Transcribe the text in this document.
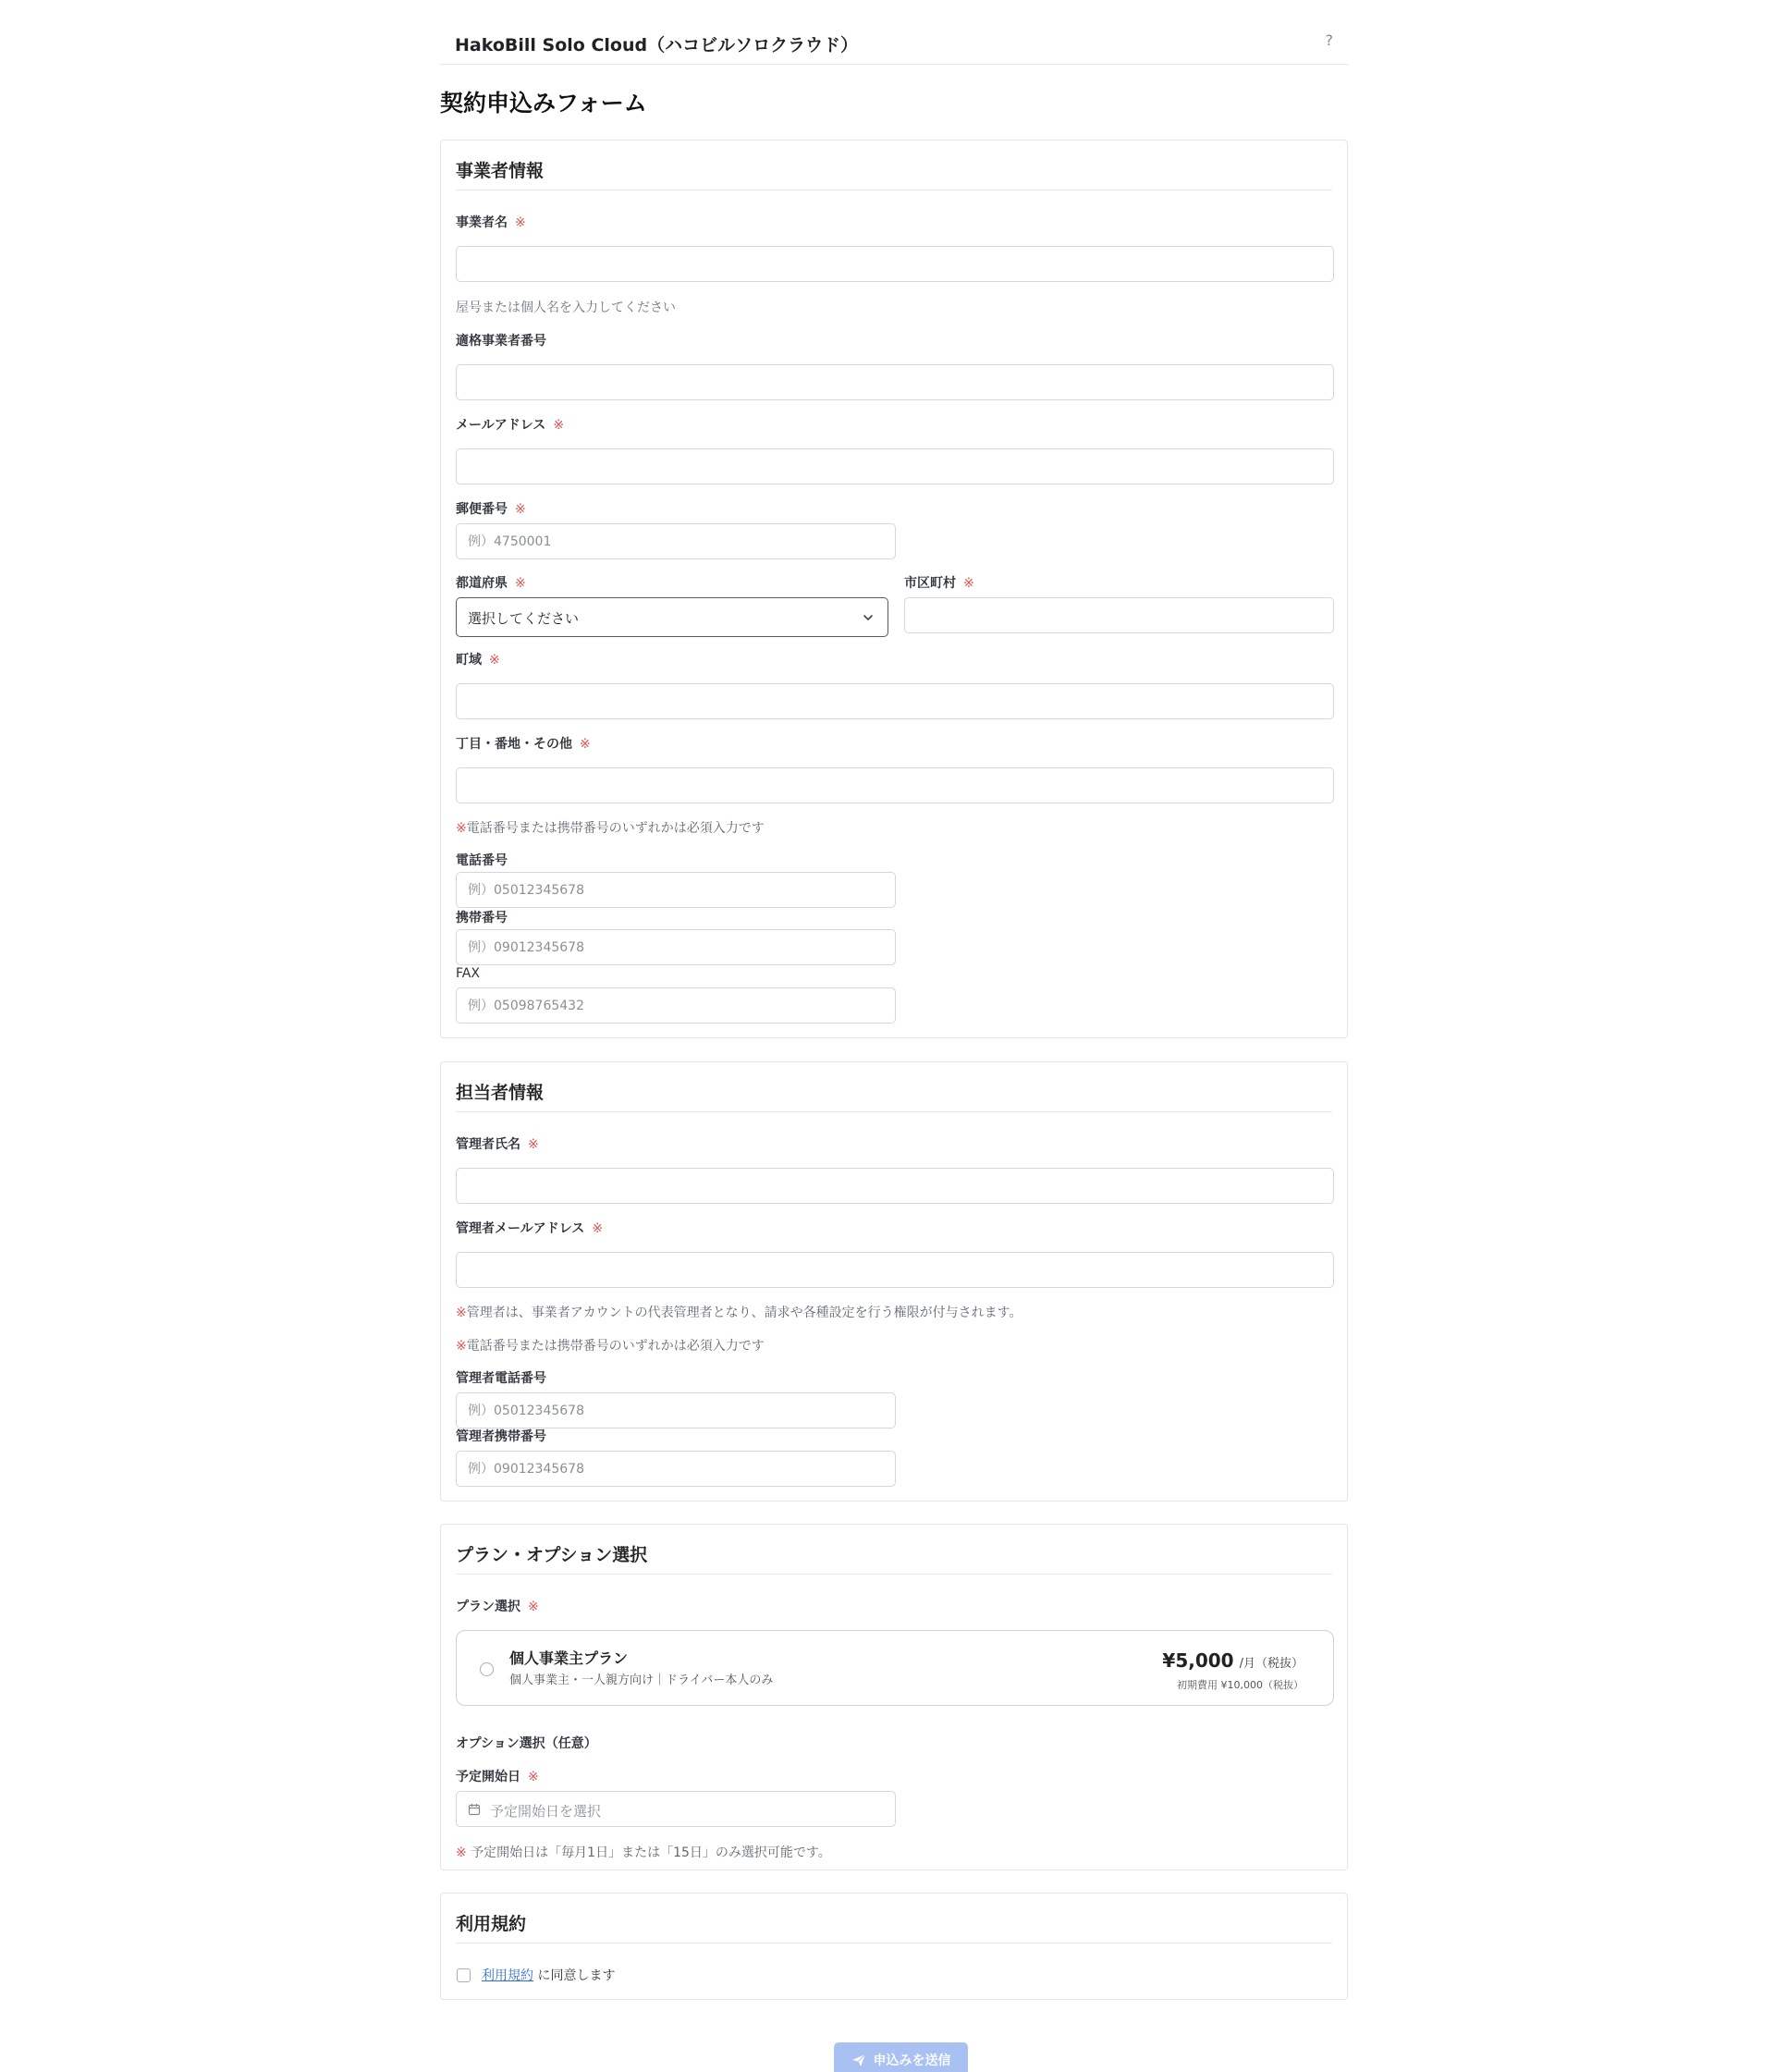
HakoBill Solo Cloud（ハコビルソロクラウド）	?
契約申込みフォーム
事業者情報
事業者名 ※
屋号または個人名を入力してください
適格事業者番号
メールアドレス ※
郵便番号 ※
例）4750001
都道府県 ※
選択してください
市区町村 ※
町域 ※
丁目・番地・その他 ※
※電話番号または携帯番号のいずれかは必須入力です
電話番号
例）05012345678
携帯番号
例）09012345678
FAX
例）05098765432
担当者情報
管理者氏名 ※
管理者メールアドレス ※
※管理者は、事業者アカウントの代表管理者となり、請求や各種設定を行う権限が付与されます。
※電話番号または携帯番号のいずれかは必須入力です
管理者電話番号
例）05012345678
管理者携帯番号
例）09012345678
プラン・オプション選択
プラン選択 ※
個人事業主プラン
個人事業主・一人親方向け｜ドライバー本人のみ
¥5,000 /月（税抜）
初期費用 ¥10,000（税抜）
オプション選択（任意）
予定開始日 ※
予定開始日を選択
※ 予定開始日は「毎月1日」または「15日」のみ選択可能です。
利用規約
利用規約 に同意します
申込みを送信
